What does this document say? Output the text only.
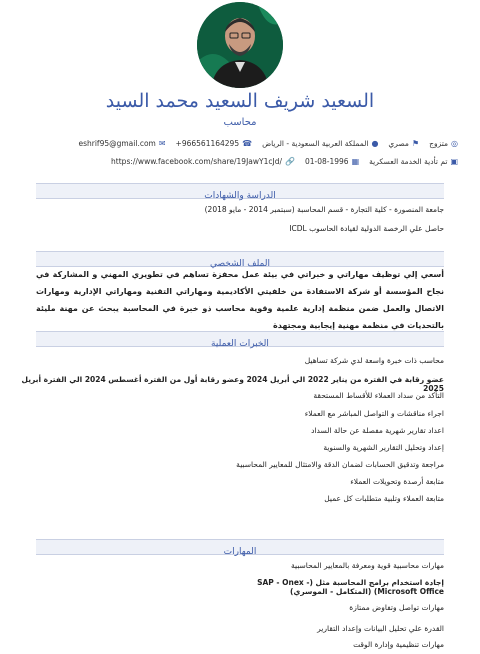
السعيد شريف السعيد محمد السيد
محاسب
◎
متزوج
⚑
مصري
●
المملكة العربية السعودية - الرياض
☎
+966561164295
✉
eshrif95@gmail.com
▣
تم تأدية الخدمة العسكرية
▦
01-08-1996
🔗
https://www.facebook.com/share/19JawY1cJd/
الدراسة والشهادات
جامعة المنصورة - كلية التجارة - قسم المحاسبة (سبتمبر 2014 - مايو 2018)
حاصل علي الرخصة الدولية لقيادة الحاسوب ICDL
الملف الشخصي
أسعي إلي توظيف مهاراتي و خبراتي في بيئة عمل محفزة تساهم في تطويري المهني و المشاركة في نجاح المؤسسة أو شركة الاستفادة من خلفيتي الأكاديمية ومهاراتي التقنية ومهاراتي الإدارية ومهارات الاتصال والعمل ضمن منظمة إدارية علمية وقوية محاسب ذو خبرة في المحاسبة يبحث عن مهنة مليئة بالتحديات في منظمة مهنية إيجابية ومجتهدة
الخبرات العملية
محاسب ذات خبرة واسعة لدي شركة تساهيل
عضو رقابة في الفترة من يناير 2022 الي أبريل 2024 وعضو رقابة أول من الفترة أغسطس 2024 الي الفترة أبريل 2025
التأكد من سداد العملاء للأقساط المستحقة
اجراء مناقشات و التواصل المباشر مع العملاء
اعداد تقارير شهرية مفصلة عن حالة السداد
إعداد وتحليل التقارير الشهرية والسنوية
مراجعة وتدقيق الحسابات لضمان الدقة والامتثال للمعايير المحاسبية
متابعة أرصدة وتحويلات العملاء
متابعة العملاء وتلبية متطلبات كل عميل
المهارات
مهارات محاسبية قوية ومعرفة بالمعايير المحاسبية
إجادة استخدام برامج المحاسبة مثل (SAP - Onex - Microsoft Office) (المتكامل - الموسري)
مهارات تواصل وتفاوض ممتازة
القدرة علي تحليل البيانات وإعداد التقارير
مهارات تنظيمية وإدارة الوقت
